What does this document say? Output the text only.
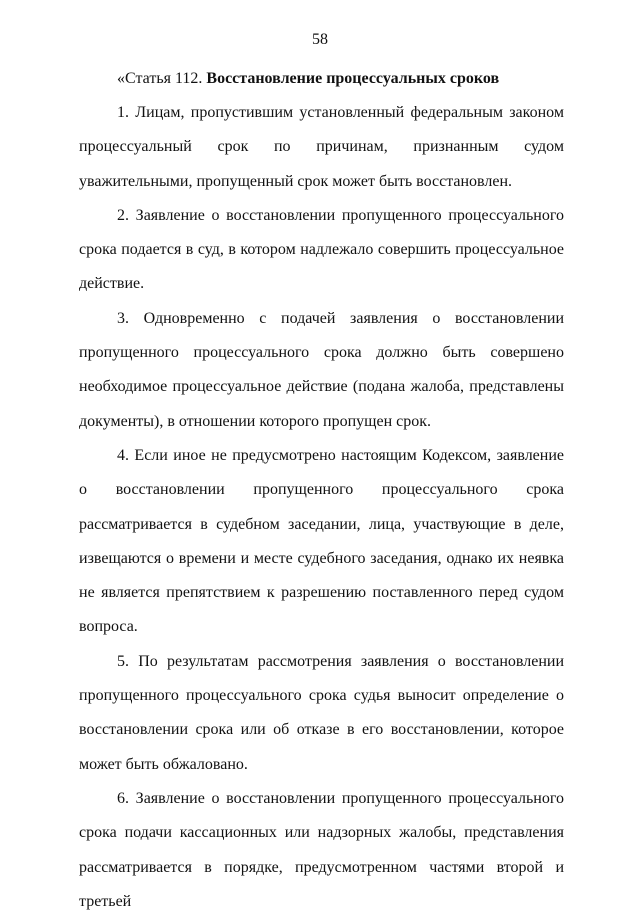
58

«Статья 112. Восстановление процессуальных сроков

1. Лицам, пропустившим установленный федеральным законом процессуальный срок по причинам, признанным судом уважительными, пропущенный срок может быть восстановлен.

2. Заявление о восстановлении пропущенного процессуального срока подается в суд, в котором надлежало совершить процессуальное действие.

3. Одновременно с подачей заявления о восстановлении пропущенного процессуального срока должно быть совершено необходимое процессуальное действие (подана жалоба, представлены документы), в отношении которого пропущен срок.

4. Если иное не предусмотрено настоящим Кодексом, заявление о восстановлении пропущенного процессуального срока рассматривается в судебном заседании, лица, участвующие в деле, извещаются о времени и месте судебного заседания, однако их неявка не является препятствием к разрешению поставленного перед судом вопроса.

5. По результатам рассмотрения заявления о восстановлении пропущенного процессуального срока судья выносит определение о восстановлении срока или об отказе в его восстановлении, которое может быть обжаловано.

6. Заявление о восстановлении пропущенного процессуального срока подачи кассационных или надзорных жалобы, представления рассматривается в порядке, предусмотренном частями второй и третьей
